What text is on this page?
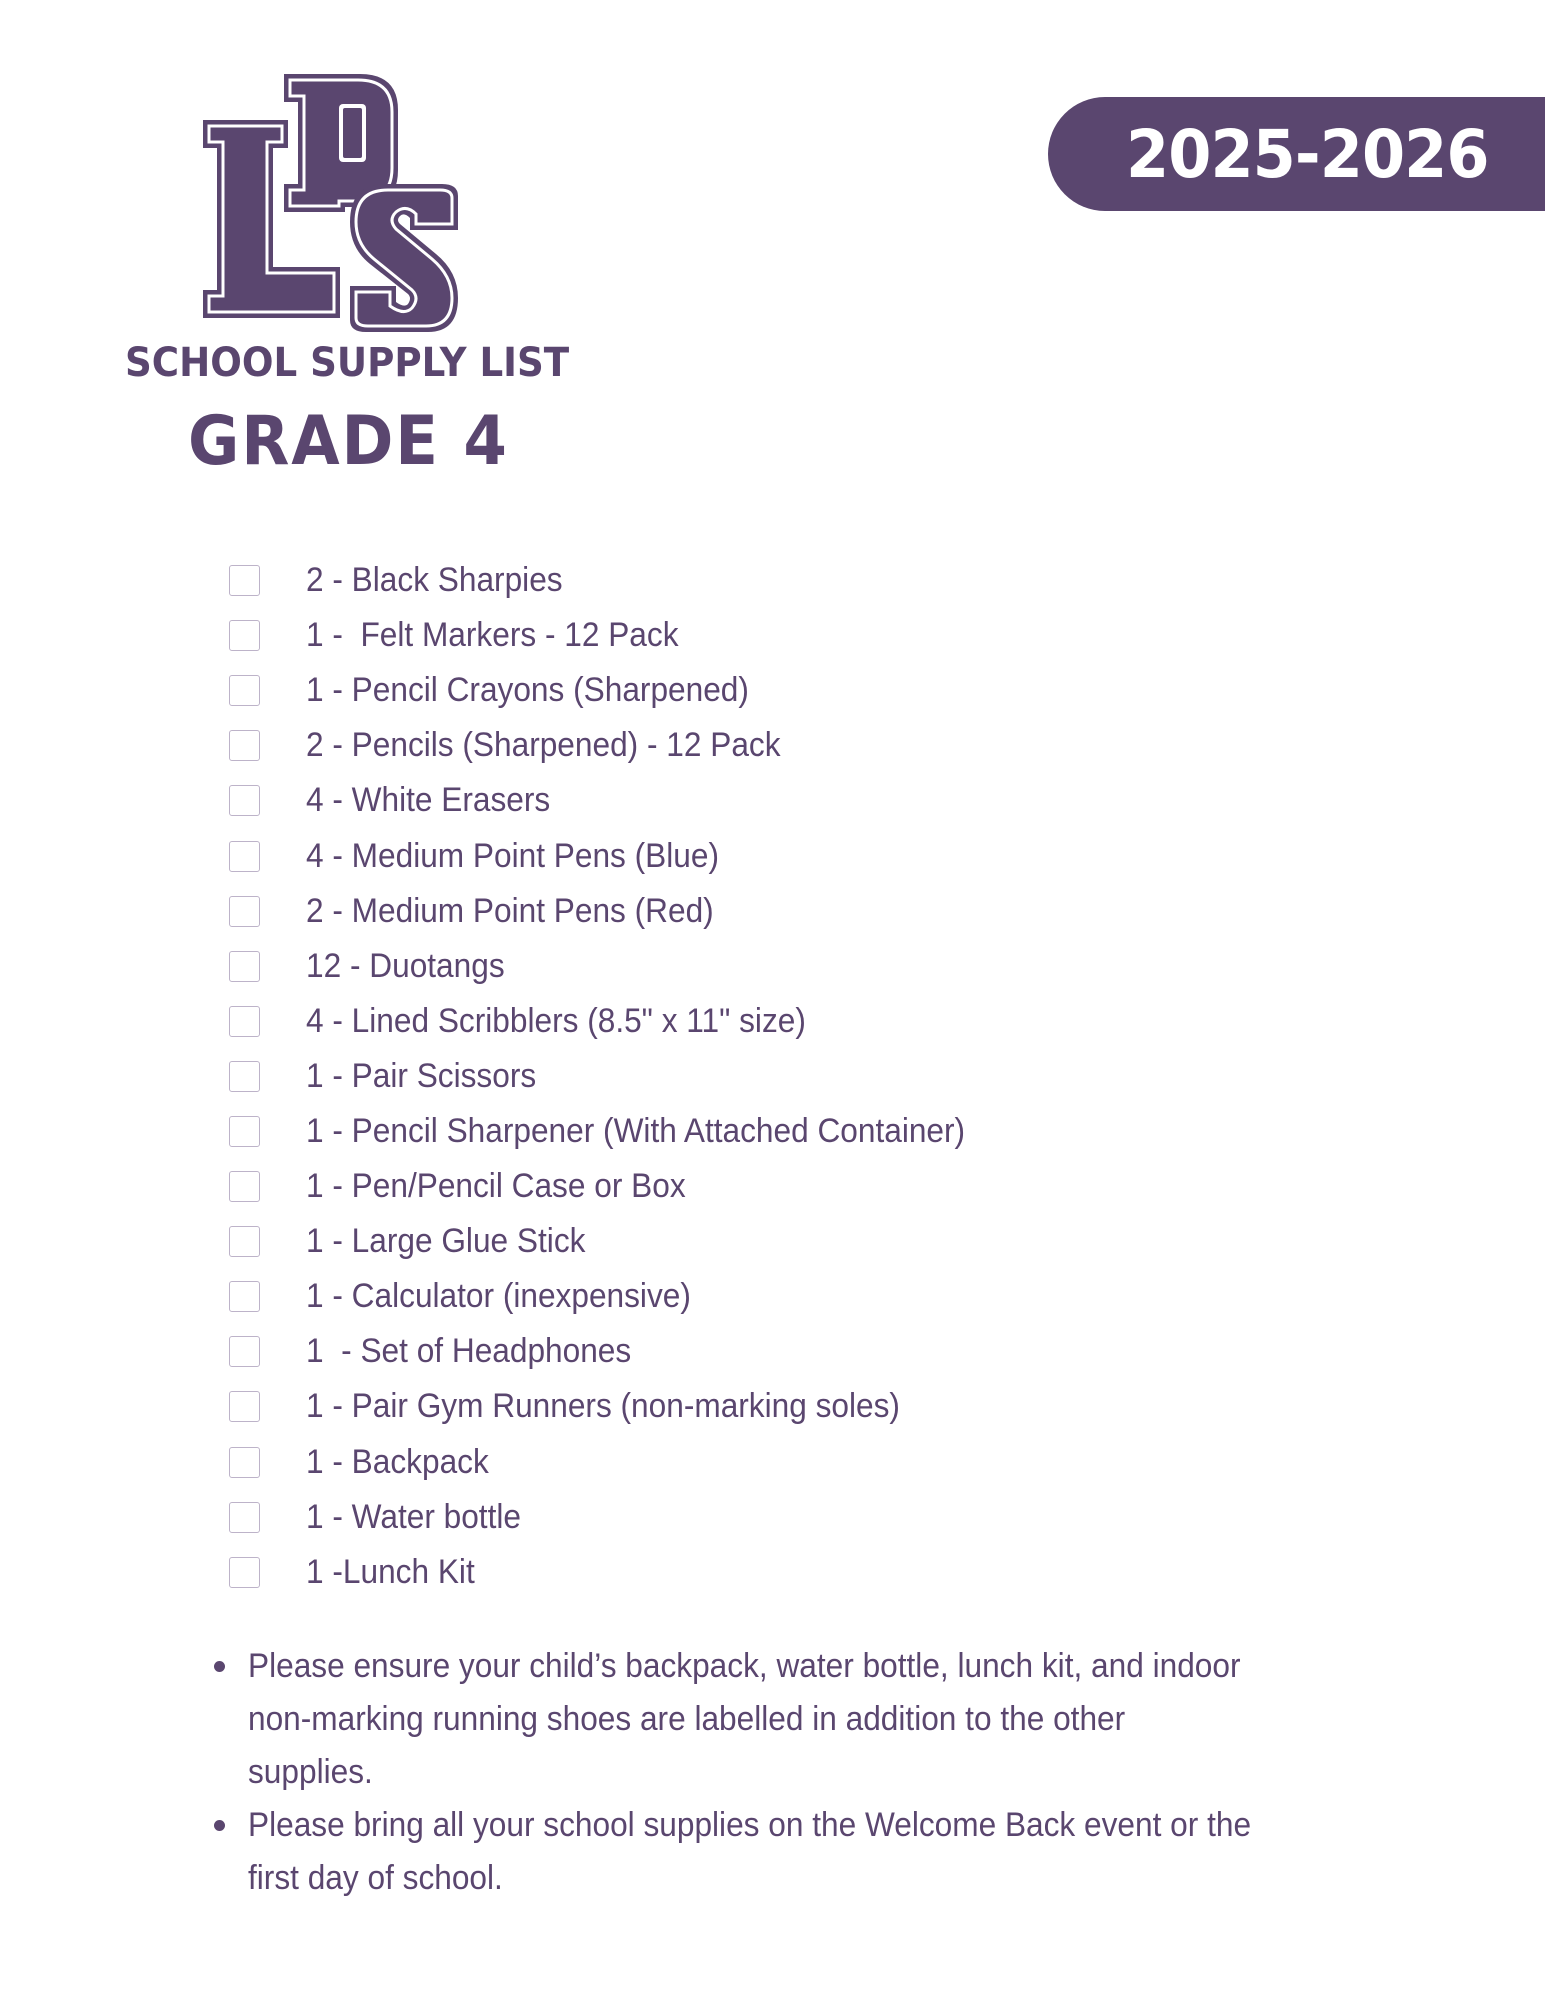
SCHOOL SUPPLY LIST
GRADE 4
2025-2026
2 - Black Sharpies
1 -  Felt Markers - 12 Pack
1 - Pencil Crayons (Sharpened)
2 - Pencils (Sharpened) - 12 Pack
4 - White Erasers
4 - Medium Point Pens (Blue)
2 - Medium Point Pens (Red)
12 - Duotangs
4 - Lined Scribblers (8.5" x 11" size)
1 - Pair Scissors
1 - Pencil Sharpener (With Attached Container)
1 - Pen/Pencil Case or Box
1 - Large Glue Stick
1 - Calculator (inexpensive)
1  - Set of Headphones
1 - Pair Gym Runners (non-marking soles)
1 - Backpack
1 - Water bottle
1 -Lunch Kit
Please ensure your child’s backpack, water bottle, lunch kit, and indoor non-marking running shoes are labelled in addition to the other supplies.
Please bring all your school supplies on the Welcome Back event or the first day of school.
